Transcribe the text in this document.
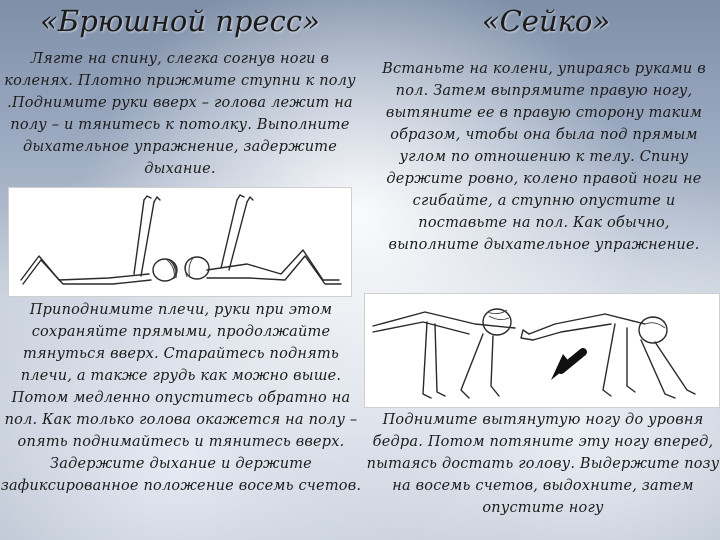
«Брюшной пресс»	«Сейко»

Лягте на спину, слегка согнув ноги в коленях. Плотно прижмите ступни к полу .Поднимите руки вверх – голова лежит на полу – и тянитесь к потолку. Выполните дыхательное упражнение, задержите дыхание.

Встаньте на колени, упираясь руками в пол. Затем выпрямите правую ногу, вытяните ее в правую сторону таким образом, чтобы она была под прямым углом по отношению к телу. Спину держите ровно, колено правой ноги не сгибайте, а ступню опустите и поставьте на пол. Как обычно, выполните дыхательное упражнение.

Приподнимите плечи, руки при этом сохраняйте прямыми, продолжайте тянуться вверх. Старайтесь поднять плечи, а также грудь как можно выше. Потом медленно опуститесь обратно на пол. Как только голова окажется на полу – опять поднимайтесь и тянитесь вверх. Задержите дыхание и держите зафиксированное положение восемь счетов.

Поднимите вытянутую ногу до уровня бедра. Потом потяните эту ногу вперед, пытаясь достать голову. Выдержите позу на восемь счетов, выдохните, затем опустите ногу
